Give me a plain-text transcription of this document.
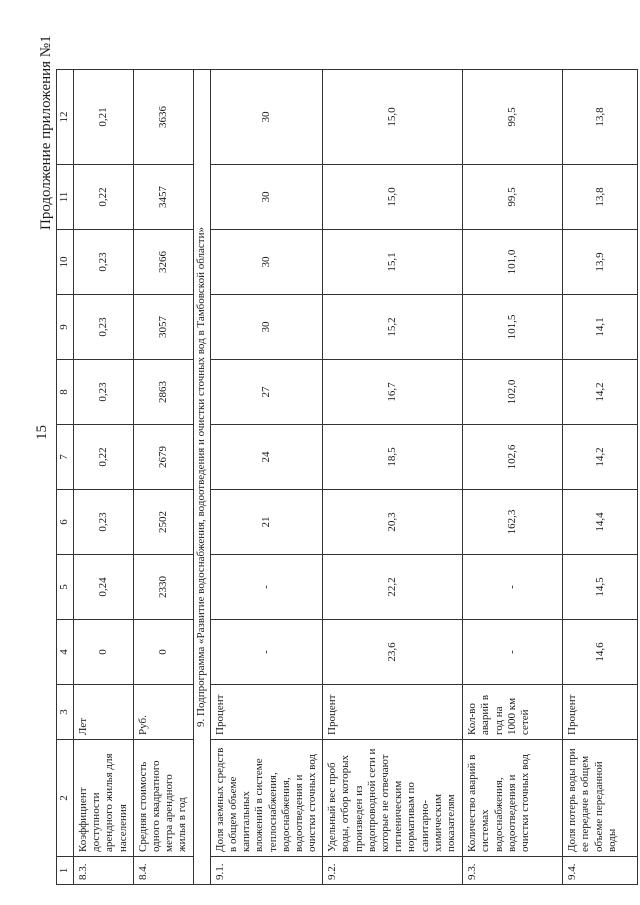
15
Продолжение приложения №1
1	2	3	4	5	6	7	8	9	10	11	12
8.3.	Коэффициент доступности арендного жилья для населения	Лет	0	0,24	0,23	0,22	0,23	0,23	0,23	0,22	0,21
8.4.	Средняя стоимость одного квадратного метра арендного жилья в год	Руб.	0	2330	2502	2679	2863	3057	3266	3457	3636
9. Подпрограмма «Развитие водоснабжения, водоотведения и очистки сточных вод в Тамбовской области»											
9.1.	Доля заемных средств в общем объеме капитальных вложений в системе теплоснабжения, водоснабжения, водоотведения и очистки сточных вод	Процент	-	-	21	24	27	30	30	30	30
9.2.	Удельный вес проб воды, отбор которых произведен из водопроводной сети и которые не отвечают гигиеническим нормативам по санитарно-химическим показателям	Процент	23,6	22,2	20,3	18,5	16,7	15,2	15,1	15,0	15,0
9.3.	Количество аварий в системах водоснабжения, водоотведения и очистки сточных вод	Кол-во аварий в год на 1000 км сетей	-	-	162,3	102,6	102,0	101,5	101,0	99,5	99,5
9.4.	Доля потерь воды при ее передаче в общем объеме переданной воды	Процент	14,6	14,5	14,4	14,2	14,2	14,1	13,9	13,8	13,8
